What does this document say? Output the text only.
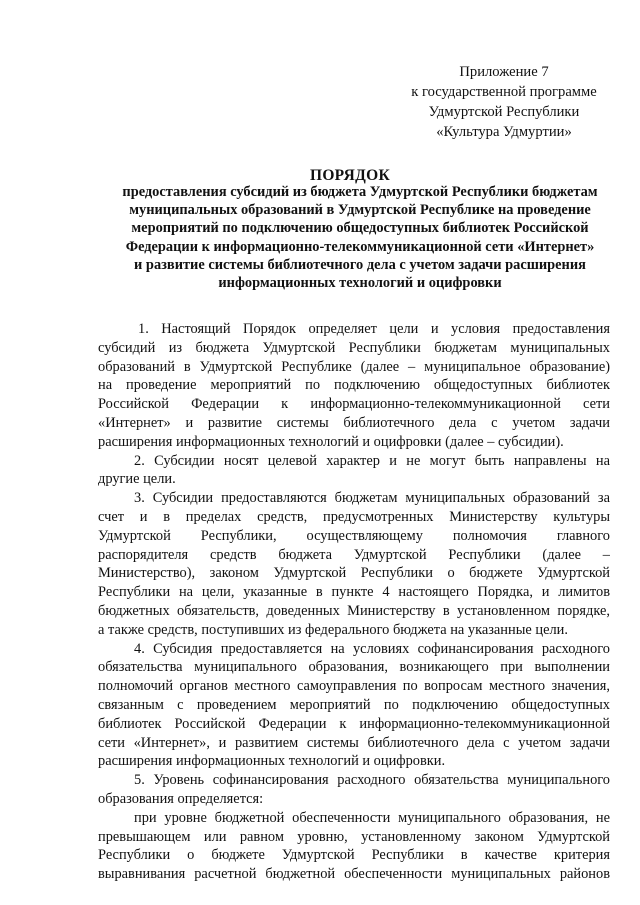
Приложение 7
к государственной программе
Удмуртской Республики
«Культура Удмуртии»
ПОРЯДОК
предоставления субсидий из бюджета Удмуртской Республики бюджетам
муниципальных образований в Удмуртской Республике на проведение
мероприятий по подключению общедоступных библиотек Российской
Федерации к информационно-телекоммуникационной сети «Интернет»
и развитие системы библиотечного дела с учетом задачи расширения
информационных технологий и оцифровки
1. Настоящий Порядок определяет цели и условия предоставления
субсидий из бюджета Удмуртской Республики бюджетам муниципальных
образований в Удмуртской Республике (далее – муниципальное образование)
на проведение мероприятий по подключению общедоступных библиотек
Российской Федерации к информационно-телекоммуникационной сети
«Интернет» и развитие системы библиотечного дела с учетом задачи
расширения информационных технологий и оцифровки (далее – субсидии).
2. Субсидии носят целевой характер и не могут быть направлены на
другие цели.
3. Субсидии предоставляются бюджетам муниципальных образований за
счет и в пределах средств, предусмотренных Министерству культуры
Удмуртской Республики, осуществляющему полномочия главного
распорядителя средств бюджета Удмуртской Республики (далее –
Министерство), законом Удмуртской Республики о бюджете Удмуртской
Республики на цели, указанные в пункте 4 настоящего Порядка, и лимитов
бюджетных обязательств, доведенных Министерству в установленном порядке,
а также средств, поступивших из федерального бюджета на указанные цели.
4. Субсидия предоставляется на условиях софинансирования расходного
обязательства муниципального образования, возникающего при выполнении
полномочий органов местного самоуправления по вопросам местного значения,
связанным с проведением мероприятий по подключению общедоступных
библиотек Российской Федерации к информационно-телекоммуникационной
сети «Интернет», и развитием системы библиотечного дела с учетом задачи
расширения информационных технологий и оцифровки.
5. Уровень софинансирования расходного обязательства муниципального
образования определяется:
при уровне бюджетной обеспеченности муниципального образования, не
превышающем или равном уровню, установленному законом Удмуртской
Республики о бюджете Удмуртской Республики в качестве критерия
выравнивания расчетной бюджетной обеспеченности муниципальных районов
